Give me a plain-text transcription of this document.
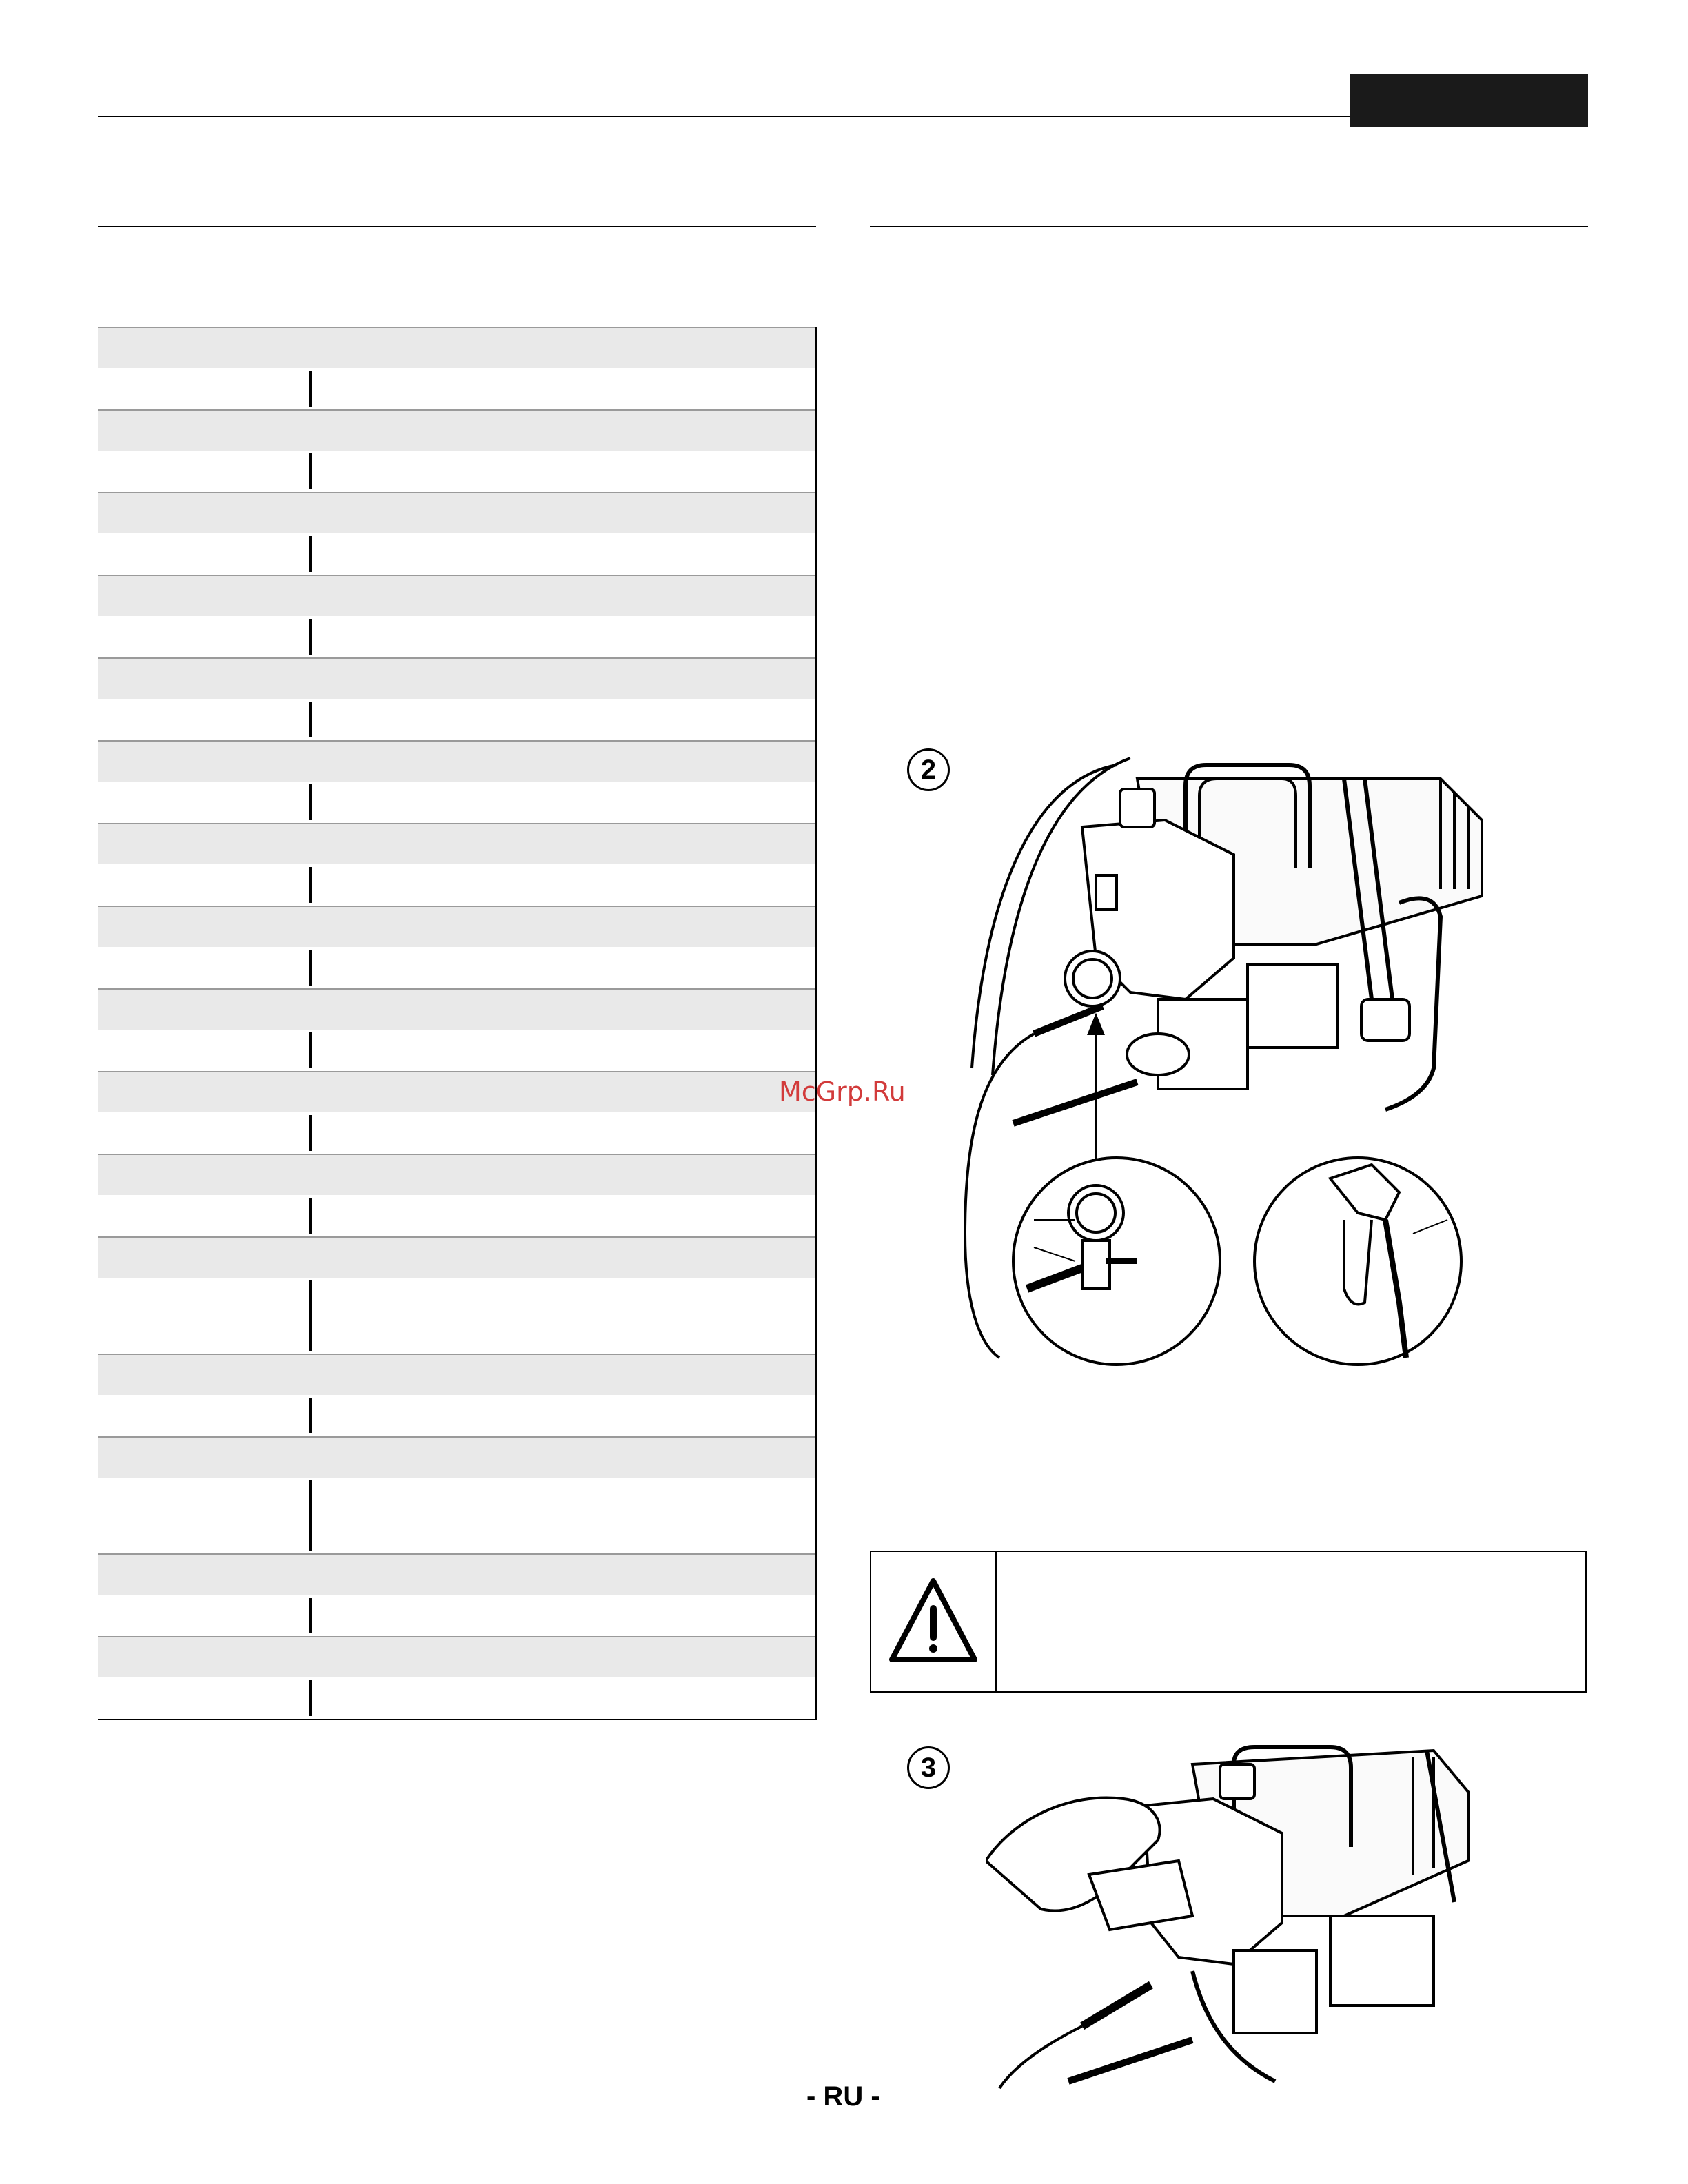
2
3
McGrp.Ru
- RU -
